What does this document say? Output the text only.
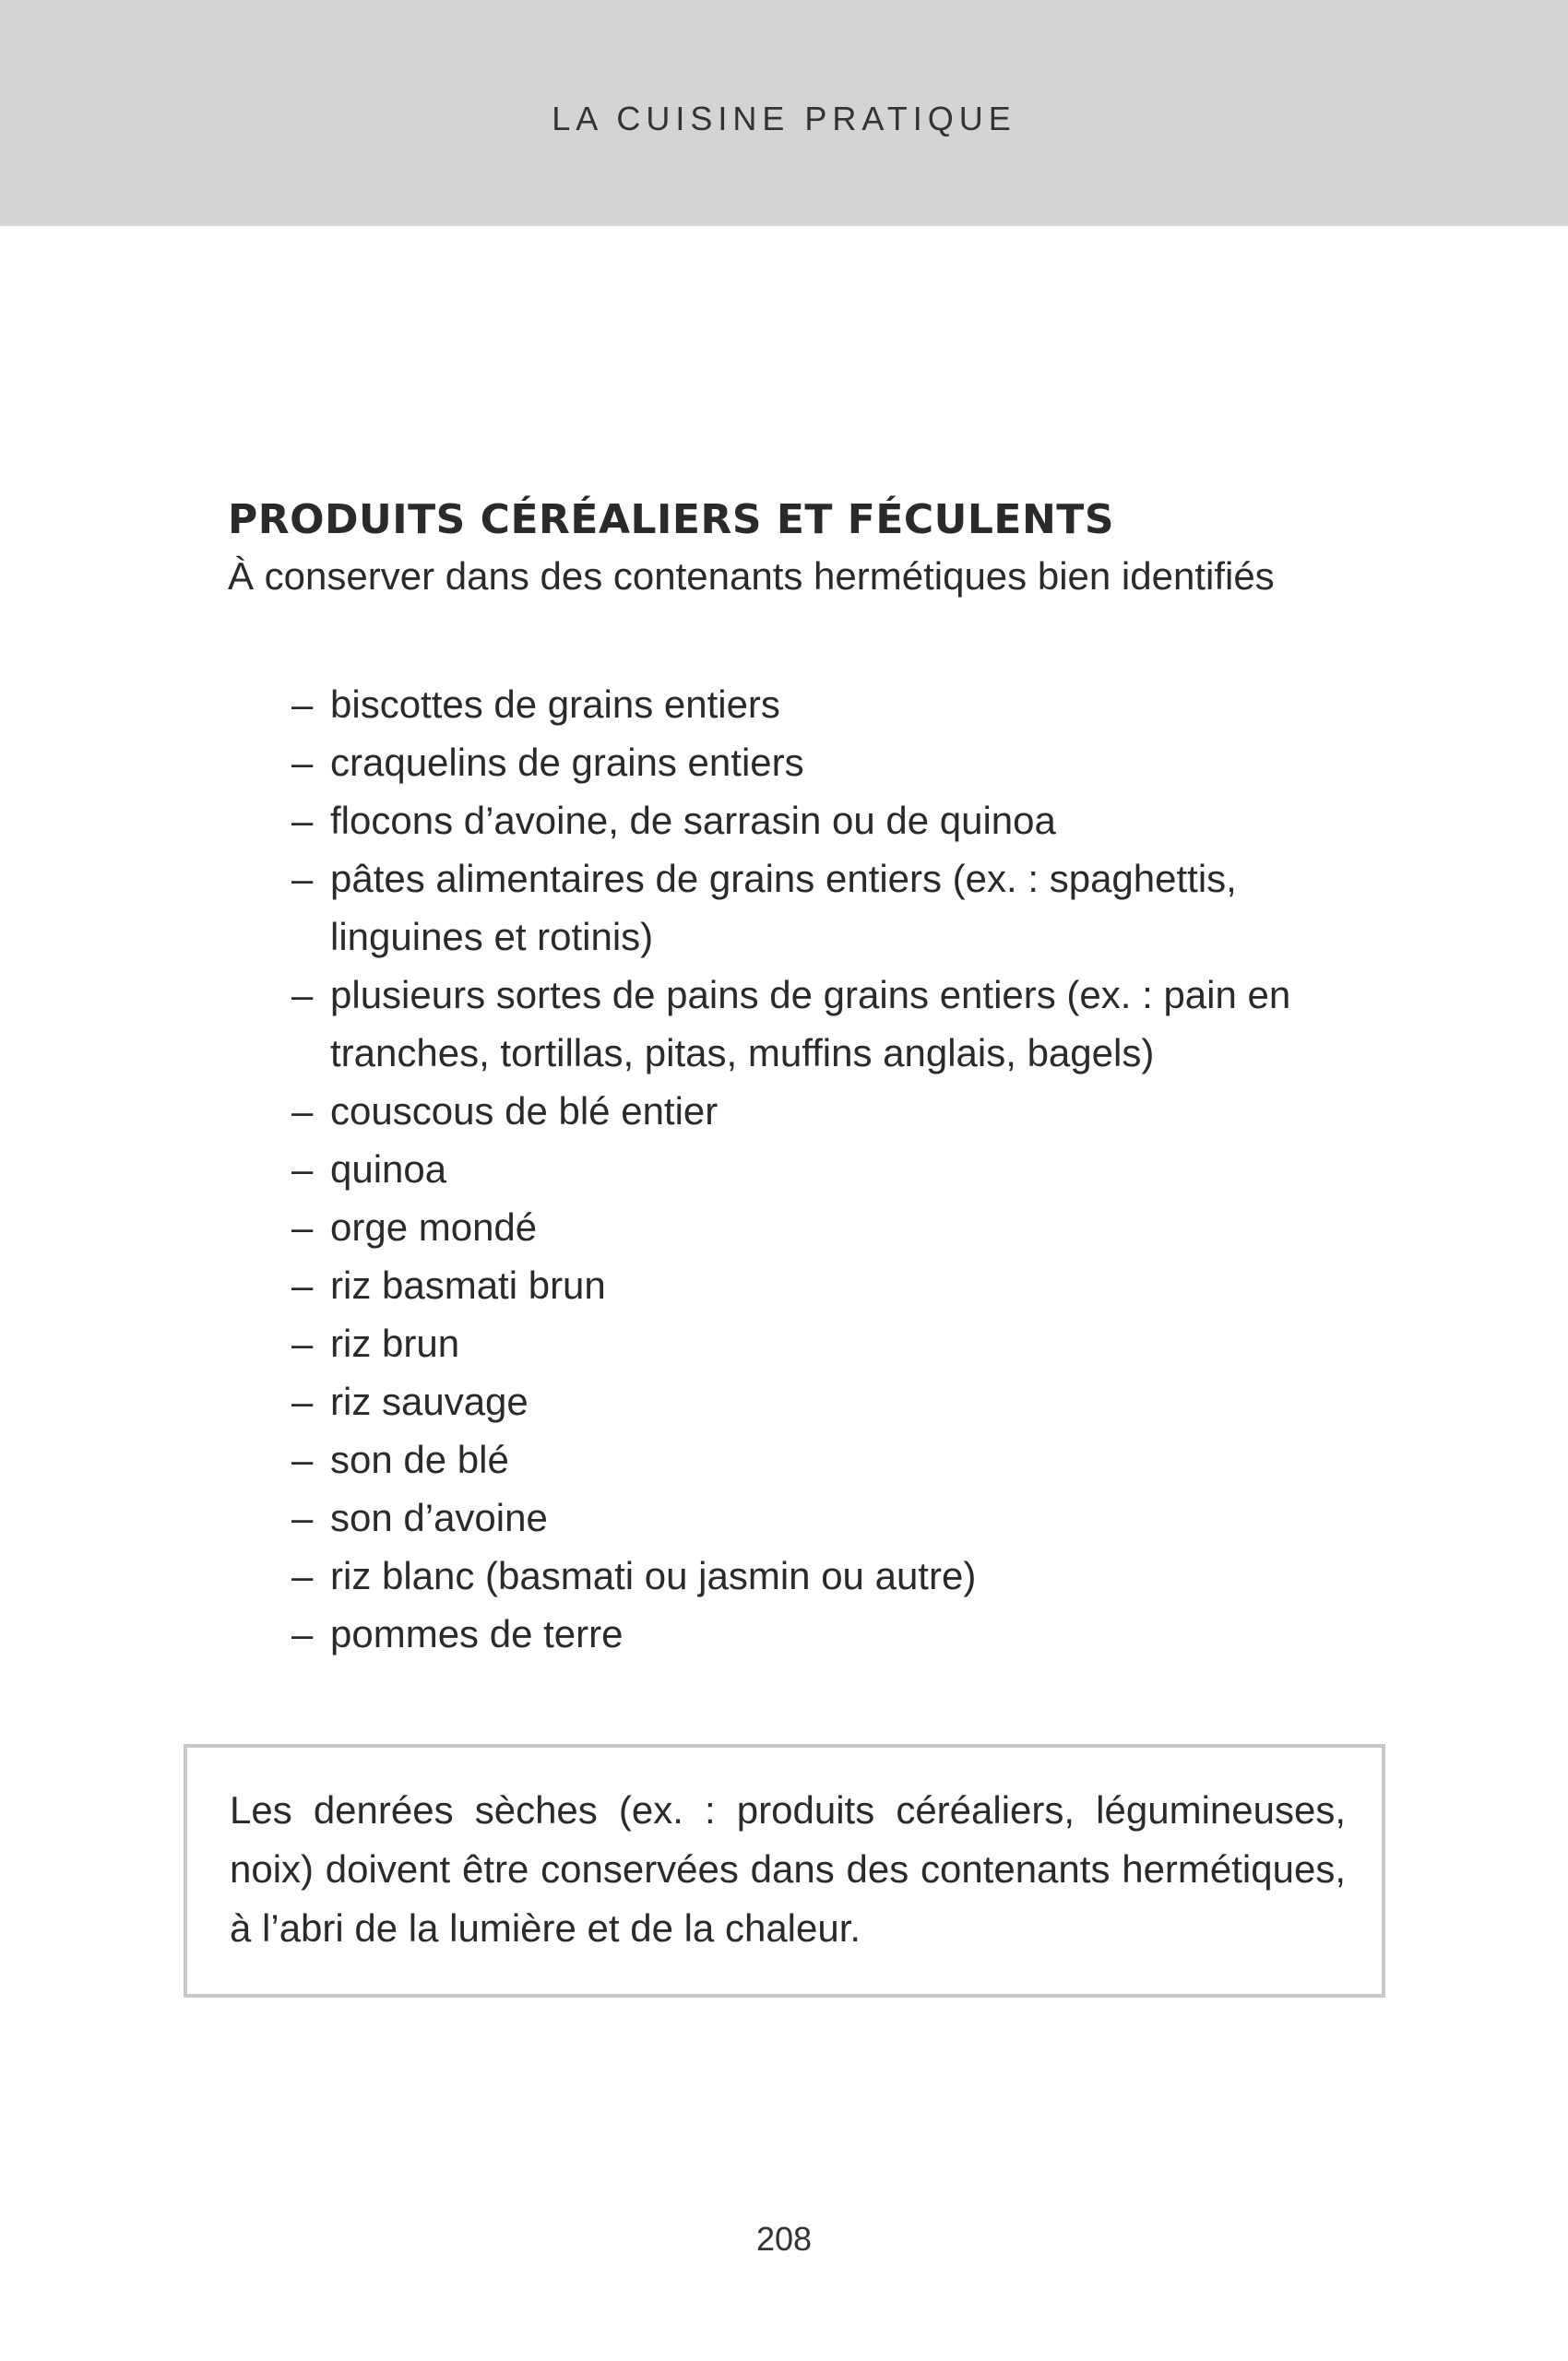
LA CUISINE PRATIQUE
PRODUITS CÉRÉALIERS ET FÉCULENTS
À conserver dans des contenants hermétiques bien identifiés
– biscottes de grains entiers
– craquelins de grains entiers
– flocons d’avoine, de sarrasin ou de quinoa
– pâtes alimentaires de grains entiers (ex. : spaghettis, linguines et rotinis)
– plusieurs sortes de pains de grains entiers (ex. : pain en tranches, tortillas, pitas, muffins anglais, bagels)
– couscous de blé entier
– quinoa
– orge mondé
– riz basmati brun
– riz brun
– riz sauvage
– son de blé
– son d’avoine
– riz blanc (basmati ou jasmin ou autre)
– pommes de terre

Les denrées sèches (ex. : produits céréaliers, légumineuses, noix) doivent être conservées dans des contenants hermétiques, à l’abri de la lumière et de la chaleur.

208
